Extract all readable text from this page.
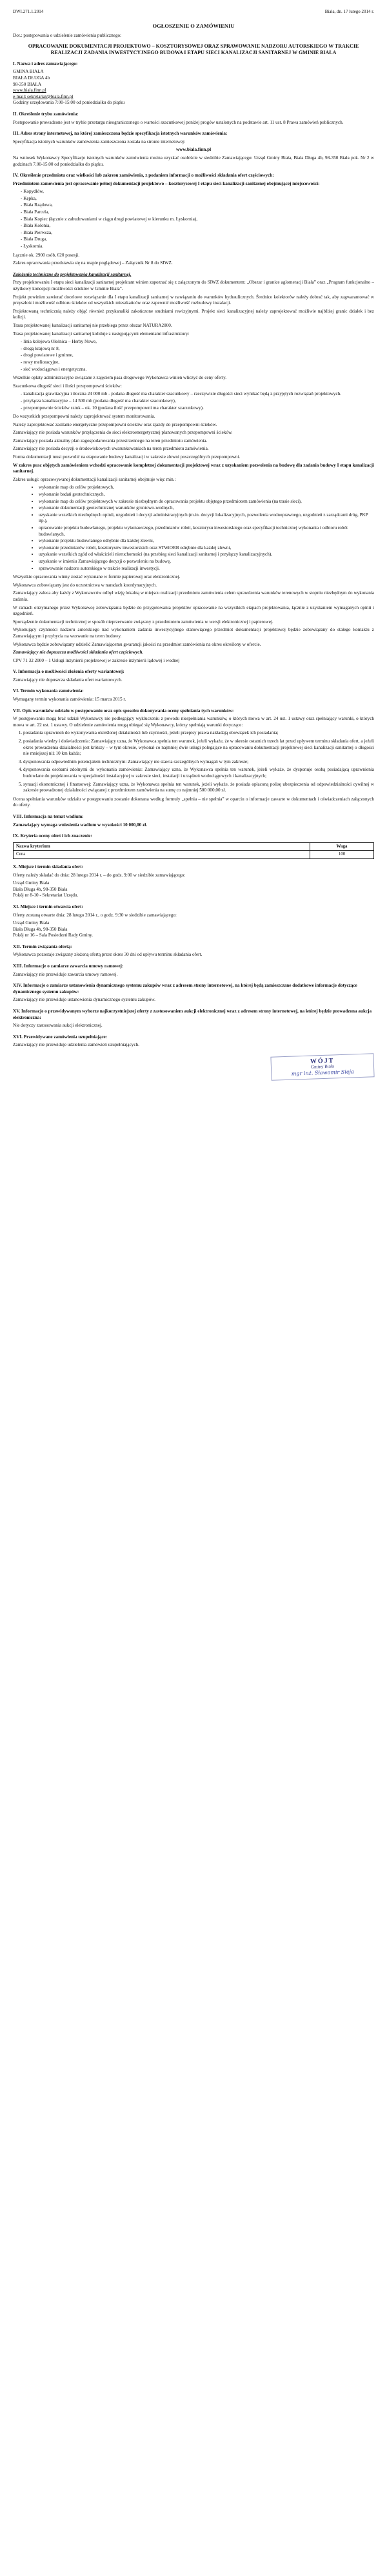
DWI.271.1.2014	Biała, dn. 17 lutego 2014 r.
OGŁOSZENIE O ZAMÓWIENIU
Dot.: postępowania o udzielenie zamówienia publicznego:
OPRACOWANIE DOKUMENTACJI PROJEKTOWO – KOSZTORYSOWEJ ORAZ SPRAWOWANIE NADZORU AUTORSKIEGO W TRAKCIE REALIZACJI ZADANIA INWESTYCYJNEGO BUDOWA I ETAPU SIECI KANALIZACJI SANITARNEJ W GMINIE BIAŁA
I. Nazwa i adres zamawiającego:
GMINA BIAŁA
BIAŁA DŁUGA 4b
98-350 BIAŁA
www.biala.finn.pl
e-mail: sekretariat@biala.finn.pl
Godziny urzędowania 7:00-15:00 od poniedziałku do piątku
II. Określenie trybu zamówienia:

Postępowanie prowadzone jest w trybie przetargu nieograniczonego o wartości szacunkowej poniżej progów ustalonych na podstawie art. 11 ust. 8 Prawa zamówień publicznych.

III. Adres strony internetowej, na której zamieszczona będzie specyfikacja istotnych warunków zamówienia:

Specyfikacja istotnych warunków zamówienia zamieszczona została na stronie internetowej:

www.biala.finn.pl

Na wniosek Wykonawcy Specyfikacje istotnych warunków zamówienia można uzyskać osobiście w siedzibie Zamawiającego: Urząd Gminy Biała, Biała Długa 4b, 98-350 Biała pok. Nr 2 w godzinach 7.00-15.00 od poniedziałku do piątku.

IV. Określenie przedmiotu oraz wielkości lub zakresu zamówienia, z podaniem informacji o możliwości składania ofert częściowych:

Przedmiotem zamówienia jest opracowanie pełnej dokumentacji projektowo – kosztorysowej I etapu sieci kanalizacji sanitarnej obejmującej miejscowości:

- Kopydłów,
- Kępka,
- Biała Rządowa,
- Biała Parcela,
- Biała Kopiec (łącznie z zabudowaniami w ciągu drogi powiatowej w kierunku m. Łyskornia),
- Biała Kolonia,
- Biała Pierwsza,
- Biała Druga,
- Łyskornia.

Łącznie ok. 2900 osób, 620 posesji.

Zakres opracowania przedstawia się na mapie poglądowej – Załącznik Nr 8 do SIWZ.

Założenia techniczne do projektowania kanalizacji sanitarnej.

Przy projektowaniu I etapu sieci kanalizacji sanitarnej projektant winien zapoznać się z załączonym do SIWZ dokumentem: „Obszar i granice aglomeracji Biała” oraz „Program funkcjonalno – użytkowy koncepcji możliwości ścieków w Gminie Biała”.

Projekt powinien zawierać docelowe rozwiązanie dla I etapu kanalizacji sanitarnej w nawiązaniu do warunków hydraulicznych. Średnice kolektorów należy dobrać tak, aby zagwarantować w przyszłości możliwość odbioru ścieków od wszystkich mieszkańców oraz zapewnić możliwość rozbudowy instalacji.

Projektowaną technicznią należy objąć również przykanaliki zakończone studniami rewizyjnymi. Projekt sieci kanalizacyjnej należy zaprojektować możliwie najbliżej granic działek i bez kolizji.

Trasa projektowanej kanalizacji sanitarnej nie przebiega przez obszar NATURA2000.

Trasa projektowanej kanalizacji sanitarnej koliduje z następującymi elementami infrastruktury:

- linia kolejowa Oleśnica – Herby Nowe,
- drogą krajową nr 8,
- drogi powiatowe i gminne,
- rowy melioracyjne,
- sieć wodociągowa i energetyczna.

Wszelkie opłaty administracyjne związane z zajęciem pasa drogowego Wykonawca winien wliczyć do ceny oferty.

Szacunkowa długość sieci i ilości przepompowni ścieków:

- kanalizacja grawitacyjna i tłoczna 24 000 mb - podana długość ma charakter szacunkowy – rzeczywiste długości sieci wynikać będą z przyjętych rozwiązań projektowych.
- przyłącza kanalizacyjne – 14 500 mb (podana długość ma charakter szacunkowy),
- przepompownie ścieków sztuk – ok. 10 (podana ilość przepompowni ma charakter szacunkowy).

Do wszystkich przepompowni należy zaprojektować system monitorowania.

Należy zaprojektować zasilanie energetyczne przepompowni ścieków oraz zjazdy do przepompowni ścieków.

Zamawiający nie posiada warunków przyłączenia do sieci elektroenergetycznej planowanych przepompowni ścieków.

Zamawiający posiada aktualny plan zagospodarowania przestrzennego na teren przedmiotu zamówienia.

Zamawiający nie posiada decyzji o środowiskowych uwarunkowaniach na teren przedmiotu zamówienia.

Forma dokumentacji musi pozwolić na etapowanie budowy kanalizacji w zakresie zlewni poszczególnych przepompowni.

W zakres prac objętych zamówieniem wchodzi opracowanie kompletnej dokumentacji projektowej wraz z uzyskaniem pozwolenia na budowę dla zadania budowy I etapu kanalizacji sanitarnej.

Zakres usługi: opracowywanej dokumentacji kanalizacji sanitarnej obejmuje więc min.:

• wykonanie map do celów projektowych,
• wykonanie badań geotechnicznych,
• wykonanie map do celów projektowych w zakresie niezbędnym do opracowania projektu objętego przedmiotem zamówienia (na trasie sieci),
• wykonanie dokumentacji geotechnicznej warunków gruntowo-wodnych,
• uzyskanie wszelkich niezbędnych opinii, uzgodnień i decyzji administracyjnych (m.in. decyzji lokalizacyjnych, pozwolenia wodnoprawnego, uzgodnień z zarządcami dróg, PKP itp.),
• opracowanie projektu budowlanego, projektu wykonawczego, przedmiarów robót, kosztorysu inwestorskiego oraz specyfikacji technicznej wykonania i odbioru robót budowlanych,
• wykonanie projektu budowlanego odrębnie dla każdej zlewni,
• wykonanie przedmiarów robót, kosztorysów inwestorskich oraz STWiORB odrębnie dla każdej zlewni,
• uzyskanie wszelkich zgód od właścicieli nieruchomości (na przebieg sieci kanalizacji sanitarnej i przyłączy kanalizacyjnych),
• uzyskanie w imieniu Zamawiającego decyzji o pozwoleniu na budowę,
• sprawowanie nadzoru autorskiego w trakcie realizacji inwestycji.

Wszystkie opracowania winny zostać wykonane w formie papierowej oraz elektronicznej.

Wykonawca zobowiązany jest do uczestnictwa w naradach koordynacyjnych.

Zamawiający zaleca aby każdy z Wykonawców odbył wizję lokalną w miejscu realizacji przedmiotu zamówienia celem sprawdzenia warunków terenowych w stopniu niezbędnym do wykonania zadania.

W ramach otrzymanego przez Wykonawcę zobowiązania będzie do przygotowania projektów opracowanie na wszystkich etapach projektowania, łącznie z uzyskaniem wymaganych opinii i uzgodnień.

Sporządzenie dokumentacji technicznej w sposób nieprzerwanie związany z przedmiotem zamówienia w wersji elektronicznej i papierowej.

Wykonujący czynności nadzoru autorskiego nad wykonaniem zadania inwestycyjnego stanowiącego przedmiot dokumentacji projektowej będzie zobowiązany do stałego kontaktu z Zamawiającym i przybycia na wezwanie na teren budowy.

Wykonawca będzie zobowiązany udzielić Zamawiającemu gwarancji jakości na przedmiot zamówienia na okres określony w ofercie.

Zamawiający nie dopuszcza możliwości składania ofert częściowych.

CPV 71 32 2000 – 1 Usługi inżynierii projektowej w zakresie inżynierii lądowej i wodnej

V. Informacja o możliwości złożenia oferty wariantowej:

Zamawiający nie dopuszcza składania ofert wariantowych.

VI. Termin wykonania zamówienia:

Wymagany termin wykonania zamówienia: 15 marca 2015 r.

VII. Opis warunków udziału w postępowaniu oraz opis sposobu dokonywania oceny spełniania tych warunków:

W postępowaniu mogą brać udział Wykonawcy nie podlegający wykluczeniu z powodu niespełniania warunków, o których mowa w art. 24 ust. 1 ustawy oraz spełniający warunki, o których mowa w art. 22 ust. 1 ustawy. O udzielenie zamówienia mogą ubiegać się Wykonawcy, którzy spełniają warunki dotyczące:

1. posiadania uprawnień do wykonywania określonej działalności lub czynności, jeżeli przepisy prawa nakładają obowiązek ich posiadania;
2. posiadania wiedzy i doświadczenia: Zamawiający uzna, że Wykonawca spełnia ten warunek, jeżeli wykaże, że w okresie ostatnich trzech lat przed upływem terminu składania ofert, a jeżeli okres prowadzenia działalności jest krótszy – w tym okresie, wykonał co najmniej dwie usługi polegające na opracowaniu dokumentacji projektowej sieci kanalizacji sanitarnej o długości nie mniejszej niż 10 km każda;
3. dysponowania odpowiednim potencjałem technicznym: Zamawiający nie stawia szczególnych wymagań w tym zakresie;
4. dysponowania osobami zdolnymi do wykonania zamówienia: Zamawiający uzna, że Wykonawca spełnia ten warunek, jeżeli wykaże, że dysponuje osobą posiadającą uprawnienia budowlane do projektowania w specjalności instalacyjnej w zakresie sieci, instalacji i urządzeń wodociągowych i kanalizacyjnych;
5. sytuacji ekonomicznej i finansowej: Zamawiający uzna, że Wykonawca spełnia ten warunek, jeżeli wykaże, że posiada opłaconą polisę ubezpieczenia od odpowiedzialności cywilnej w zakresie prowadzonej działalności związanej z przedmiotem zamówienia na sumę co najmniej 500 000,00 zł.

Ocena spełniania warunków udziału w postępowaniu zostanie dokonana według formuły „spełnia – nie spełnia” w oparciu o informacje zawarte w dokumentach i oświadczeniach załączonych do oferty.

VIII. Informacja na temat wadium:

Zamawiający wymaga wniesienia wadium w wysokości 10 000,00 zł.

IX. Kryteria oceny ofert i ich znaczenie:
Nazwa kryterium	Waga
Cena	100
X. Miejsce i termin składania ofert:

Oferty należy składać do dnia: 28 lutego 2014 r. – do godz. 9:00 w siedzibie zamawiającego:

Urząd Gminy Biała
Biała Długa 4b, 98-350 Biała
Pokój nr 8-10 - Sekretariat Urzędu.
XI. Miejsce i termin otwarcia ofert:

Oferty zostaną otwarte dnia: 28 lutego 2014 r., o godz. 9:30 w siedzibie zamawiającego:

Urząd Gminy Biała
Biała Długa 4b, 98-350 Biała
Pokój nr 16 – Sala Posiedzeń Rady Gminy.
XII. Termin związania ofertą:

Wykonawca pozostaje związany złożoną ofertą przez okres 30 dni od upływu terminu składania ofert.

XIII. Informacje o zamiarze zawarcia umowy ramowej:

Zamawiający nie przewiduje zawarcia umowy ramowej.

XIV. Informacje o zamiarze ustanowienia dynamicznego systemu zakupów wraz z adresem strony internetowej, na której będą zamieszczane dodatkowe informacje dotyczące dynamicznego systemu zakupów:

Zamawiający nie przewiduje ustanowienia dynamicznego systemu zakupów.

XV. Informacje o przewidywanym wyborze najkorzystniejszej oferty z zastosowaniem aukcji elektronicznej wraz z adresem strony internetowej, na której będzie prowadzona aukcja elektroniczna:

Nie dotyczy zastosowania aukcji elektronicznej.

XVI. Przewidywane zamówienia uzupełniające:

Zamawiający nie przewiduje udzielenia zamówień uzupełniających.

WÓJT
Gminy Biała
mgr inż. Sławomir Sieja
